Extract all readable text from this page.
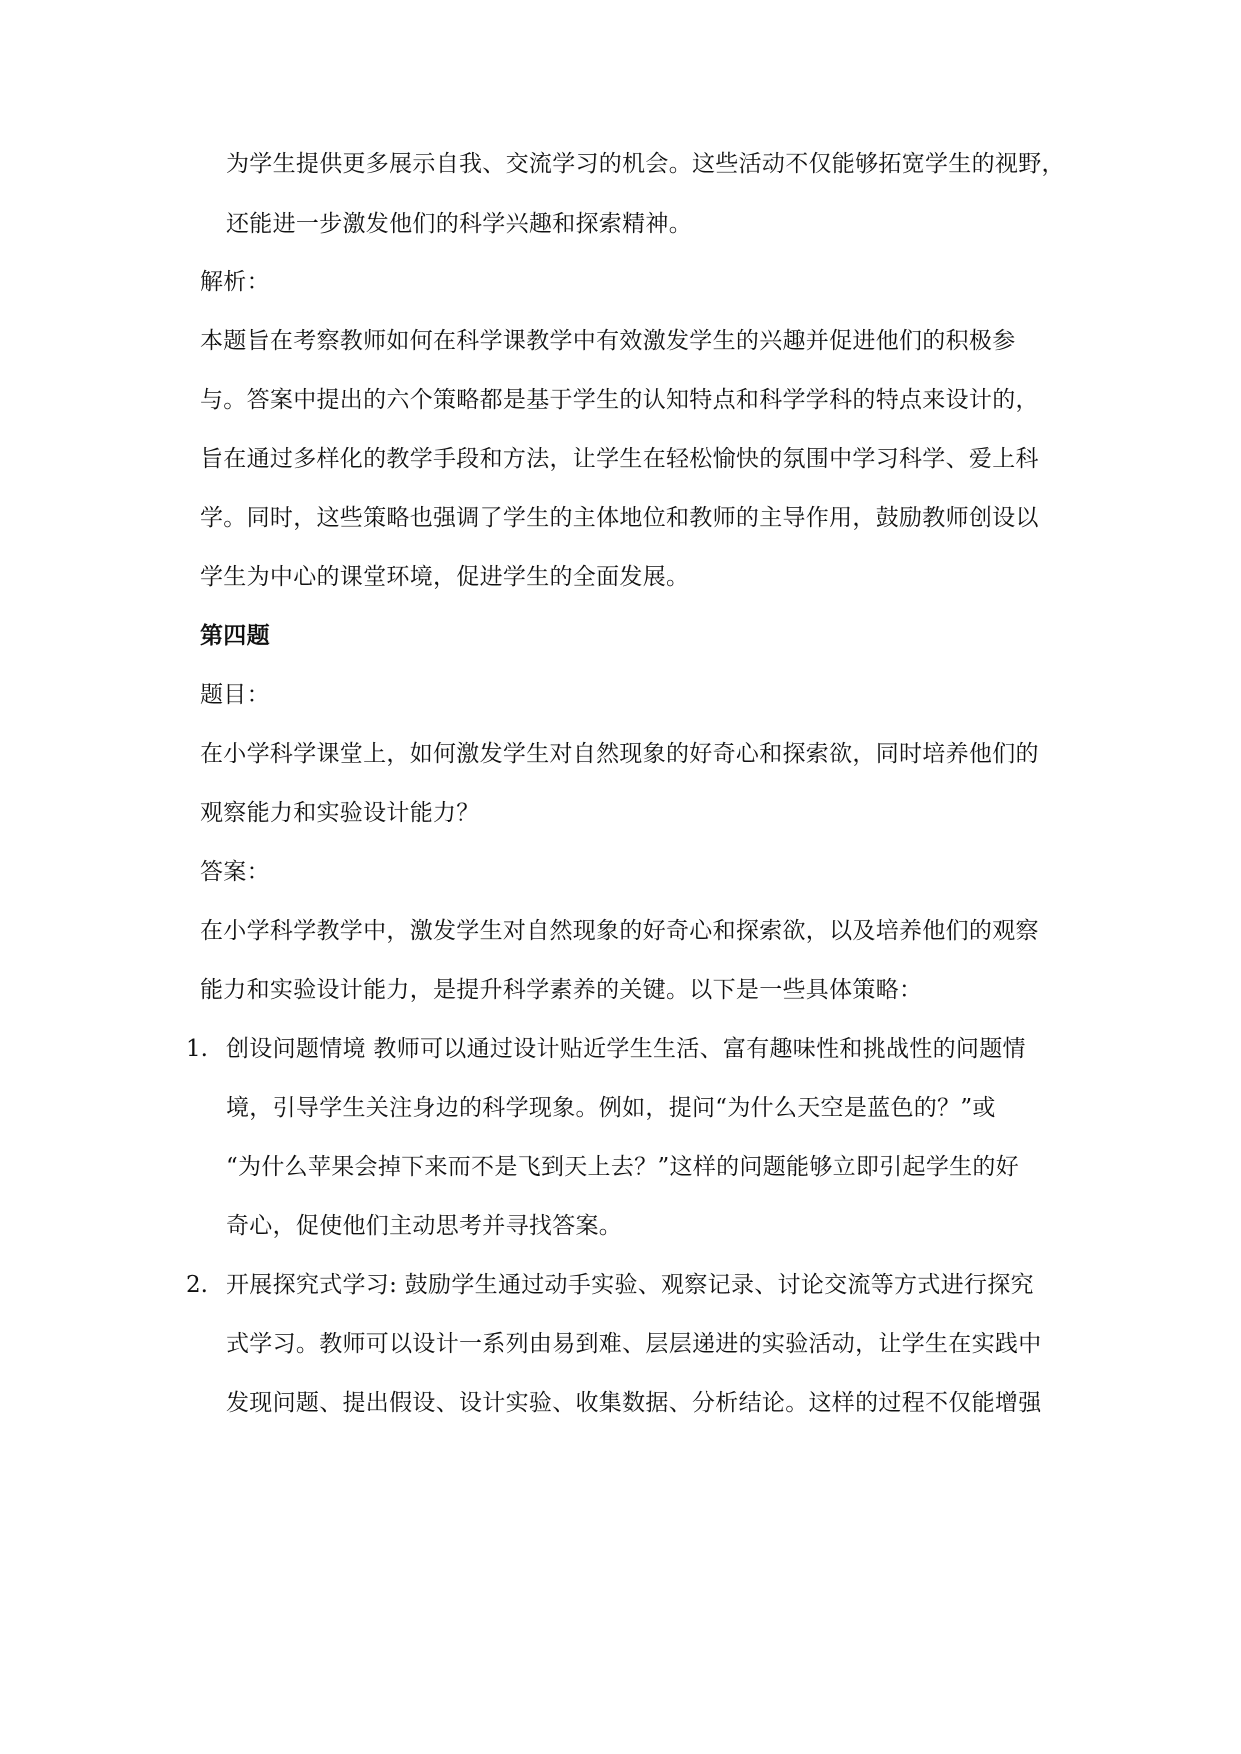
为学生提供更多展示自我、交流学习的机会。这些活动不仅能够拓宽学生的视野，
还能进一步激发他们的科学兴趣和探索精神。
解析：
本题旨在考察教师如何在科学课教学中有效激发学生的兴趣并促进他们的积极参
与。答案中提出的六个策略都是基于学生的认知特点和科学学科的特点来设计的，
旨在通过多样化的教学手段和方法，让学生在轻松愉快的氛围中学习科学、爱上科
学。同时，这些策略也强调了学生的主体地位和教师的主导作用，鼓励教师创设以
学生为中心的课堂环境，促进学生的全面发展。
第四题
题目：
在小学科学课堂上，如何激发学生对自然现象的好奇心和探索欲，同时培养他们的
观察能力和实验设计能力？
答案：
在小学科学教学中，激发学生对自然现象的好奇心和探索欲，以及培养他们的观察
能力和实验设计能力，是提升科学素养的关键。以下是一些具体策略：
1. 创设问题情境 教师可以通过设计贴近学生生活、富有趣味性和挑战性的问题情
境，引导学生关注身边的科学现象。例如，提问“为什么天空是蓝色的？”或
“为什么苹果会掉下来而不是飞到天上去？”这样的问题能够立即引起学生的好
奇心，促使他们主动思考并寻找答案。
2. 开展探究式学习: 鼓励学生通过动手实验、观察记录、讨论交流等方式进行探究
式学习。教师可以设计一系列由易到难、层层递进的实验活动，让学生在实践中
发现问题、提出假设、设计实验、收集数据、分析结论。这样的过程不仅能增强
